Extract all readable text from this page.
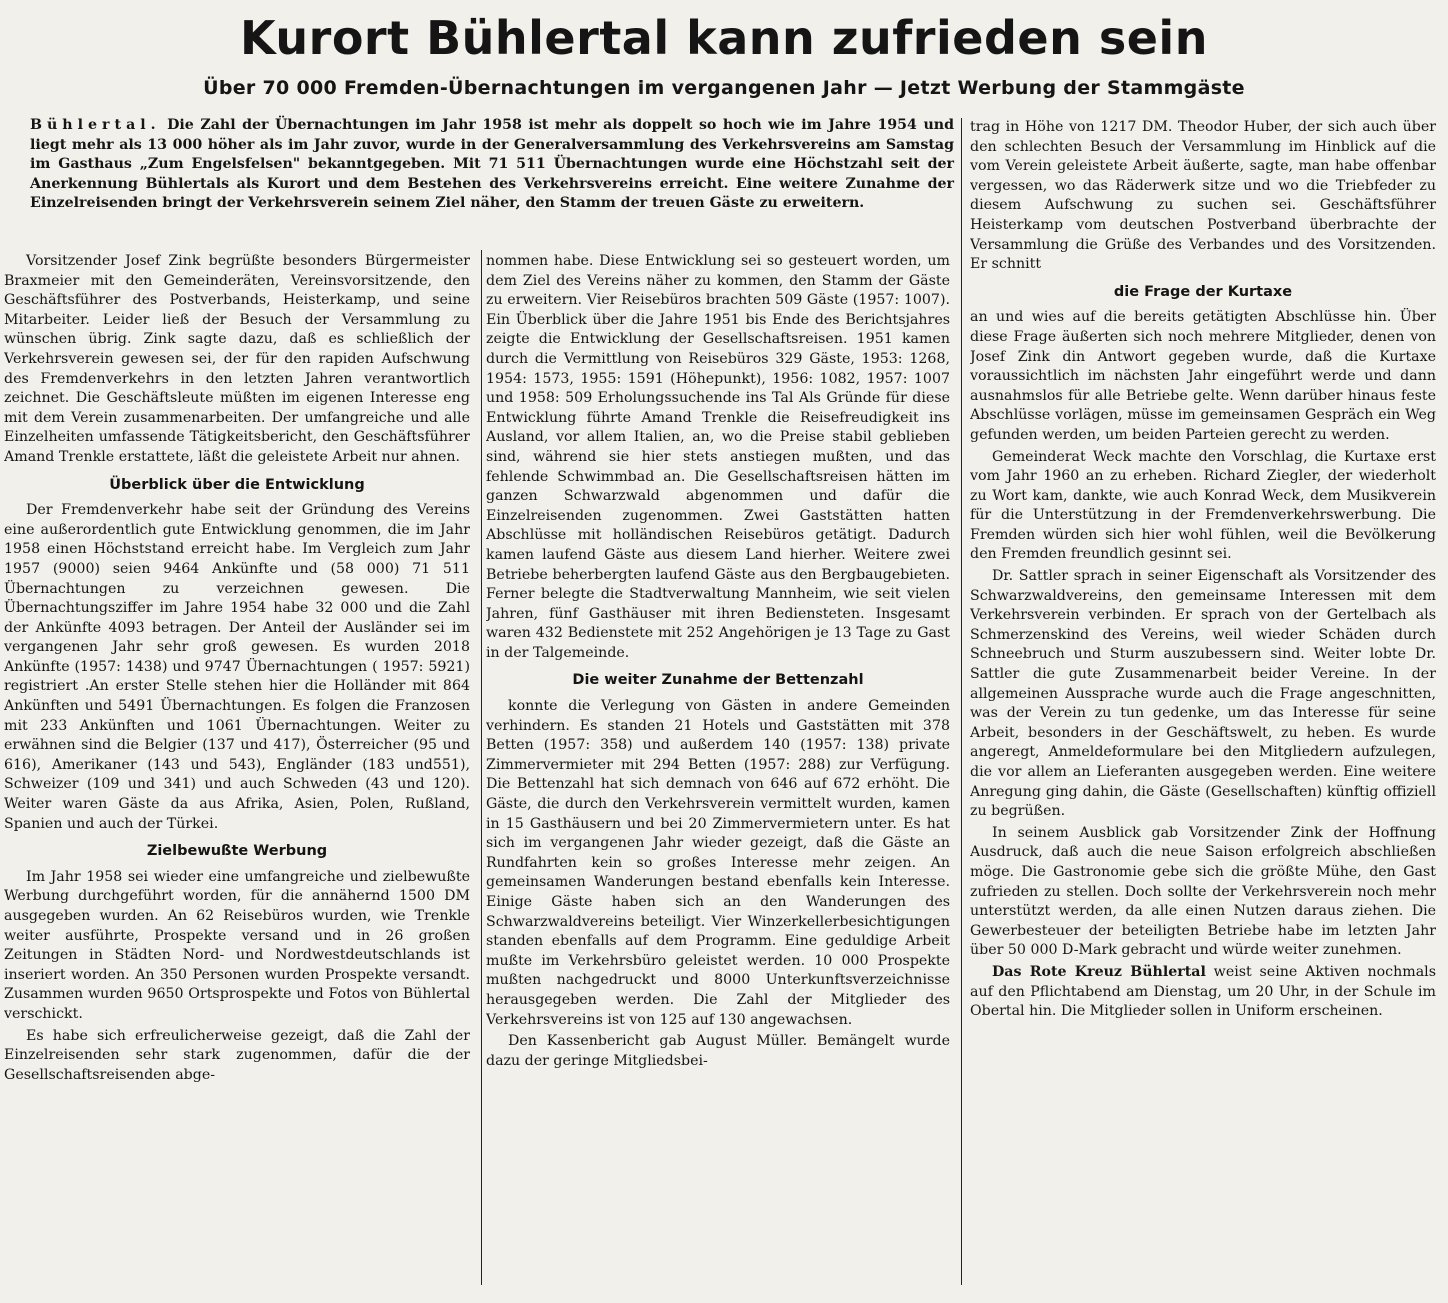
Kurort Bühlertal kann zufrieden sein
Über 70 000 Fremden-Übernachtungen im vergangenen Jahr — Jetzt Werbung der Stammgäste
Bühlertal. Die Zahl der Übernachtungen im Jahr 1958 ist mehr als doppelt so hoch wie im Jahre 1954 und liegt mehr als 13 000 höher als im Jahr zuvor, wurde in der Generalversammlung des Verkehrsvereins am Samstag im Gasthaus „Zum Engelsfelsen" bekanntgegeben. Mit 71 511 Übernachtungen wurde eine Höchstzahl seit der Anerkennung Bühlertals als Kurort und dem Bestehen des Verkehrsvereins erreicht. Eine weitere Zunahme der Einzelreisenden bringt der Verkehrsverein seinem Ziel näher, den Stamm der treuen Gäste zu erweitern.

Vorsitzender Josef Zink begrüßte besonders Bürgermeister Braxmeier mit den Gemeinderäten, Vereinsvorsitzende, den Geschäftsführer des Postverbands, Heisterkamp, und seine Mitarbeiter. Leider ließ der Besuch der Versammlung zu wünschen übrig. Zink sagte dazu, daß es schließlich der Verkehrsverein gewesen sei, der für den rapiden Aufschwung des Fremdenverkehrs in den letzten Jahren verantwortlich zeichnet. Die Geschäftsleute müßten im eigenen Interesse eng mit dem Verein zusammenarbeiten. Der umfangreiche und alle Einzelheiten umfassende Tätigkeitsbericht, den Geschäftsführer Amand Trenkle erstattete, läßt die geleistete Arbeit nur ahnen.

Überblick über die Entwicklung

Der Fremdenverkehr habe seit der Gründung des Vereins eine außerordentlich gute Entwicklung genommen, die im Jahr 1958 einen Höchststand erreicht habe. Im Vergleich zum Jahr 1957 (9000) seien 9464 Ankünfte und (58 000) 71 511 Übernachtungen zu verzeichnen gewesen. Die Übernachtungsziffer im Jahre 1954 habe 32 000 und die Zahl der Ankünfte 4093 betragen. Der Anteil der Ausländer sei im vergangenen Jahr sehr groß gewesen. Es wurden 2018 Ankünfte (1957: 1438) und 9747 Übernachtungen ( 1957: 5921) registriert .An erster Stelle stehen hier die Holländer mit 864 Ankünften und 5491 Übernachtungen. Es folgen die Franzosen mit 233 Ankünften und 1061 Übernachtungen. Weiter zu erwähnen sind die Belgier (137 und 417), Österreicher (95 und 616), Amerikaner (143 und 543), Engländer (183 und551), Schweizer (109 und 341) und auch Schweden (43 und 120). Weiter waren Gäste da aus Afrika, Asien, Polen, Rußland, Spanien und auch der Türkei.

Zielbewußte Werbung

Im Jahr 1958 sei wieder eine umfangreiche und zielbewußte Werbung durchgeführt worden, für die annähernd 1500 DM ausgegeben wurden. An 62 Reisebüros wurden, wie Trenkle weiter ausführte, Prospekte versand und in 26 großen Zeitungen in Städten Nord- und Nordwestdeutschlands ist inseriert worden. An 350 Personen wurden Prospekte versandt. Zusammen wurden 9650 Ortsprospekte und Fotos von Bühlertal verschickt.

Es habe sich erfreulicherweise gezeigt, daß die Zahl der Einzelreisenden sehr stark zugenommen, dafür die der Gesellschaftsreisenden abge-

nommen habe. Diese Entwicklung sei so gesteuert worden, um dem Ziel des Vereins näher zu kommen, den Stamm der Gäste zu erweitern. Vier Reisebüros brachten 509 Gäste (1957: 1007). Ein Überblick über die Jahre 1951 bis Ende des Berichtsjahres zeigte die Entwicklung der Gesellschaftsreisen. 1951 kamen durch die Vermittlung von Reisebüros 329 Gäste, 1953: 1268, 1954: 1573, 1955: 1591 (Höhepunkt), 1956: 1082, 1957: 1007 und 1958: 509 Erholungssuchende ins Tal Als Gründe für diese Entwicklung führte Amand Trenkle die Reisefreudigkeit ins Ausland, vor allem Italien, an, wo die Preise stabil geblieben sind, während sie hier stets anstiegen mußten, und das fehlende Schwimmbad an. Die Gesellschaftsreisen hätten im ganzen Schwarzwald abgenommen und dafür die Einzelreisenden zugenommen. Zwei Gaststätten hatten Abschlüsse mit holländischen Reisebüros getätigt. Dadurch kamen laufend Gäste aus diesem Land hierher. Weitere zwei Betriebe beherbergten laufend Gäste aus den Bergbaugebieten. Ferner belegte die Stadtverwaltung Mannheim, wie seit vielen Jahren, fünf Gasthäuser mit ihren Bediensteten. Insgesamt waren 432 Bedienstete mit 252 Angehörigen je 13 Tage zu Gast in der Talgemeinde.

Die weiter Zunahme der Bettenzahl

konnte die Verlegung von Gästen in andere Gemeinden verhindern. Es standen 21 Hotels und Gaststätten mit 378 Betten (1957: 358) und außerdem 140 (1957: 138) private Zimmervermieter mit 294 Betten (1957: 288) zur Verfügung. Die Bettenzahl hat sich demnach von 646 auf 672 erhöht. Die Gäste, die durch den Verkehrsverein vermittelt wurden, kamen in 15 Gasthäusern und bei 20 Zimmervermietern unter. Es hat sich im vergangenen Jahr wieder gezeigt, daß die Gäste an Rundfahrten kein so großes Interesse mehr zeigen. An gemeinsamen Wanderungen bestand ebenfalls kein Interesse. Einige Gäste haben sich an den Wanderungen des Schwarzwaldvereins beteiligt. Vier Winzerkellerbesichtigungen standen ebenfalls auf dem Programm. Eine geduldige Arbeit mußte im Verkehrsbüro geleistet werden. 10 000 Prospekte mußten nachgedruckt und 8000 Unterkunftsverzeichnisse herausgegeben werden. Die Zahl der Mitglieder des Verkehrsvereins ist von 125 auf 130 angewachsen.

Den Kassenbericht gab August Müller. Bemängelt wurde dazu der geringe Mitgliedsbei-

trag in Höhe von 1217 DM. Theodor Huber, der sich auch über den schlechten Besuch der Versammlung im Hinblick auf die vom Verein geleistete Arbeit äußerte, sagte, man habe offenbar vergessen, wo das Räderwerk sitze und wo die Triebfeder zu diesem Aufschwung zu suchen sei. Geschäftsführer Heisterkamp vom deutschen Postverband überbrachte der Versammlung die Grüße des Verbandes und des Vorsitzenden. Er schnitt

die Frage der Kurtaxe

an und wies auf die bereits getätigten Abschlüsse hin. Über diese Frage äußerten sich noch mehrere Mitglieder, denen von Josef Zink din Antwort gegeben wurde, daß die Kurtaxe voraussichtlich im nächsten Jahr eingeführt werde und dann ausnahmslos für alle Betriebe gelte. Wenn darüber hinaus feste Abschlüsse vorlägen, müsse im gemeinsamen Gespräch ein Weg gefunden werden, um beiden Parteien gerecht zu werden.

Gemeinderat Weck machte den Vorschlag, die Kurtaxe erst vom Jahr 1960 an zu erheben. Richard Ziegler, der wiederholt zu Wort kam, dankte, wie auch Konrad Weck, dem Musikverein für die Unterstützung in der Fremdenverkehrswerbung. Die Fremden würden sich hier wohl fühlen, weil die Bevölkerung den Fremden freundlich gesinnt sei.

Dr. Sattler sprach in seiner Eigenschaft als Vorsitzender des Schwarzwaldvereins, den gemeinsame Interessen mit dem Verkehrsverein verbinden. Er sprach von der Gertelbach als Schmerzenskind des Vereins, weil wieder Schäden durch Schneebruch und Sturm auszubessern sind. Weiter lobte Dr. Sattler die gute Zusammenarbeit beider Vereine. In der allgemeinen Aussprache wurde auch die Frage angeschnitten, was der Verein zu tun gedenke, um das Interesse für seine Arbeit, besonders in der Geschäftswelt, zu heben. Es wurde angeregt, Anmeldeformulare bei den Mitgliedern aufzulegen, die vor allem an Lieferanten ausgegeben werden. Eine weitere Anregung ging dahin, die Gäste (Gesellschaften) künftig offiziell zu begrüßen.

In seinem Ausblick gab Vorsitzender Zink der Hoffnung Ausdruck, daß auch die neue Saison erfolgreich abschließen möge. Die Gastronomie gebe sich die größte Mühe, den Gast zufrieden zu stellen. Doch sollte der Verkehrsverein noch mehr unterstützt werden, da alle einen Nutzen daraus ziehen. Die Gewerbesteuer der beteiligten Betriebe habe im letzten Jahr über 50 000 D-Mark gebracht und würde weiter zunehmen.

Das Rote Kreuz Bühlertal weist seine Aktiven nochmals auf den Pflichtabend am Dienstag, um 20 Uhr, in der Schule im Obertal hin. Die Mitglieder sollen in Uniform erscheinen.
